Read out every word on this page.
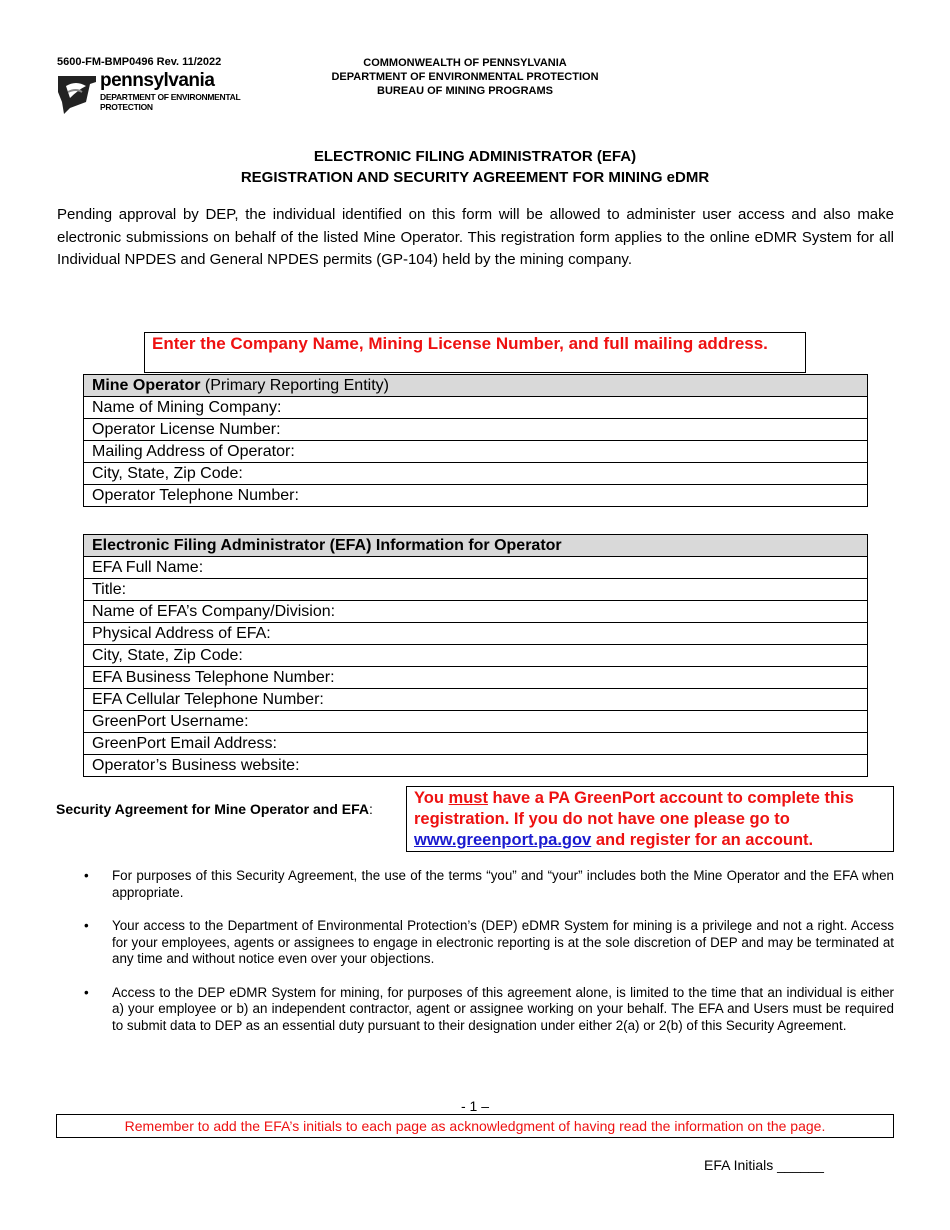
5600-FM-BMP0496 Rev. 11/2022
pennsylvania
DEPARTMENT OF ENVIRONMENTAL
PROTECTION
COMMONWEALTH OF PENNSYLVANIA
DEPARTMENT OF ENVIRONMENTAL PROTECTION
BUREAU OF MINING PROGRAMS
ELECTRONIC FILING ADMINISTRATOR (EFA)
REGISTRATION AND SECURITY AGREEMENT FOR MINING eDMR
Pending approval by DEP, the individual identified on this form will be allowed to administer user access and also make electronic submissions on behalf of the listed Mine Operator. This registration form applies to the online eDMR System for all Individual NPDES and General NPDES permits (GP-104) held by the mining company.
Enter the Company Name, Mining License Number, and full mailing address.
Mine Operator (Primary Reporting Entity)
Name of Mining Company:
Operator License Number:
Mailing Address of Operator:
City, State, Zip Code:
Operator Telephone Number:
Electronic Filing Administrator (EFA) Information for Operator
EFA Full Name:
Title:
Name of EFA’s Company/Division:
Physical Address of EFA:
City, State, Zip Code:
EFA Business Telephone Number:
EFA Cellular Telephone Number:
GreenPort Username:
GreenPort Email Address:
Operator’s Business website:
Security Agreement for Mine Operator and EFA:
You must have a PA GreenPort account to complete this registration. If you do not have one please go to www.greenport.pa.gov and register for an account.
• For purposes of this Security Agreement, the use of the terms “you” and “your” includes both the Mine Operator and the EFA when appropriate.
• Your access to the Department of Environmental Protection’s (DEP) eDMR System for mining is a privilege and not a right. Access for your employees, agents or assignees to engage in electronic reporting is at the sole discretion of DEP and may be terminated at any time and without notice even over your objections.
• Access to the DEP eDMR System for mining, for purposes of this agreement alone, is limited to the time that an individual is either a) your employee or b) an independent contractor, agent or assignee working on your behalf. The EFA and Users must be required to submit data to DEP as an essential duty pursuant to their designation under either 2(a) or 2(b) of this Security Agreement.
- 1 –
Remember to add the EFA’s initials to each page as acknowledgment of having read the information on the page.
EFA Initials ______
